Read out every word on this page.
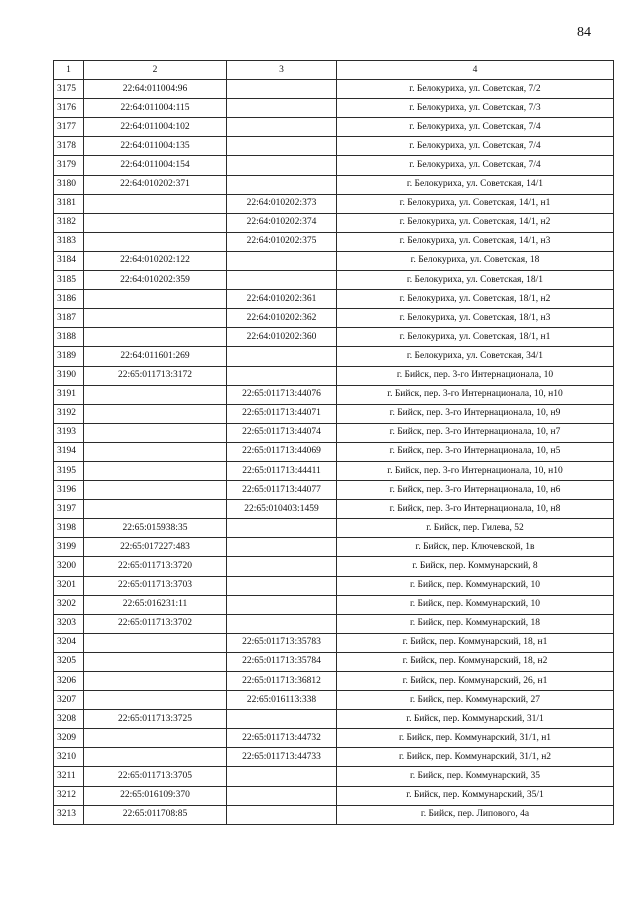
84
1	2	3	4
3175	22:64:011004:96		г. Белокуриха, ул. Советская, 7/2
3176	22:64:011004:115		г. Белокуриха, ул. Советская, 7/3
3177	22:64:011004:102		г. Белокуриха, ул. Советская, 7/4
3178	22:64:011004:135		г. Белокуриха, ул. Советская, 7/4
3179	22:64:011004:154		г. Белокуриха, ул. Советская, 7/4
3180	22:64:010202:371		г. Белокуриха, ул. Советская, 14/1
3181		22:64:010202:373	г. Белокуриха, ул. Советская, 14/1, н1
3182		22:64:010202:374	г. Белокуриха, ул. Советская, 14/1, н2
3183		22:64:010202:375	г. Белокуриха, ул. Советская, 14/1, н3
3184	22:64:010202:122		г. Белокуриха, ул. Советская, 18
3185	22:64:010202:359		г. Белокуриха, ул. Советская, 18/1
3186		22:64:010202:361	г. Белокуриха, ул. Советская, 18/1, н2
3187		22:64:010202:362	г. Белокуриха, ул. Советская, 18/1, н3
3188		22:64:010202:360	г. Белокуриха, ул. Советская, 18/1, н1
3189	22:64:011601:269		г. Белокуриха, ул. Советская, 34/1
3190	22:65:011713:3172		г. Бийск, пер. 3-го Интернационала, 10
3191		22:65:011713:44076	г. Бийск, пер. 3-го Интернационала, 10, н10
3192		22:65:011713:44071	г. Бийск, пер. 3-го Интернационала, 10, н9
3193		22:65:011713:44074	г. Бийск, пер. 3-го Интернационала, 10, н7
3194		22:65:011713:44069	г. Бийск, пер. 3-го Интернационала, 10, н5
3195		22:65:011713:44411	г. Бийск, пер. 3-го Интернационала, 10, н10
3196		22:65:011713:44077	г. Бийск, пер. 3-го Интернационала, 10, н6
3197		22:65:010403:1459	г. Бийск, пер. 3-го Интернационала, 10, н8
3198	22:65:015938:35		г. Бийск, пер. Гилева, 52
3199	22:65:017227:483		г. Бийск, пер. Ключевской, 1в
3200	22:65:011713:3720		г. Бийск, пер. Коммунарский, 8
3201	22:65:011713:3703		г. Бийск, пер. Коммунарский, 10
3202	22:65:016231:11		г. Бийск, пер. Коммунарский, 10
3203	22:65:011713:3702		г. Бийск, пер. Коммунарский, 18
3204		22:65:011713:35783	г. Бийск, пер. Коммунарский, 18, н1
3205		22:65:011713:35784	г. Бийск, пер. Коммунарский, 18, н2
3206		22:65:011713:36812	г. Бийск, пер. Коммунарский, 26, н1
3207		22:65:016113:338	г. Бийск, пер. Коммунарский, 27
3208	22:65:011713:3725		г. Бийск, пер. Коммунарский, 31/1
3209		22:65:011713:44732	г. Бийск, пер. Коммунарский, 31/1, н1
3210		22:65:011713:44733	г. Бийск, пер. Коммунарский, 31/1, н2
3211	22:65:011713:3705		г. Бийск, пер. Коммунарский, 35
3212	22:65:016109:370		г. Бийск, пер. Коммунарский, 35/1
3213	22:65:011708:85		г. Бийск, пер. Липового, 4а
